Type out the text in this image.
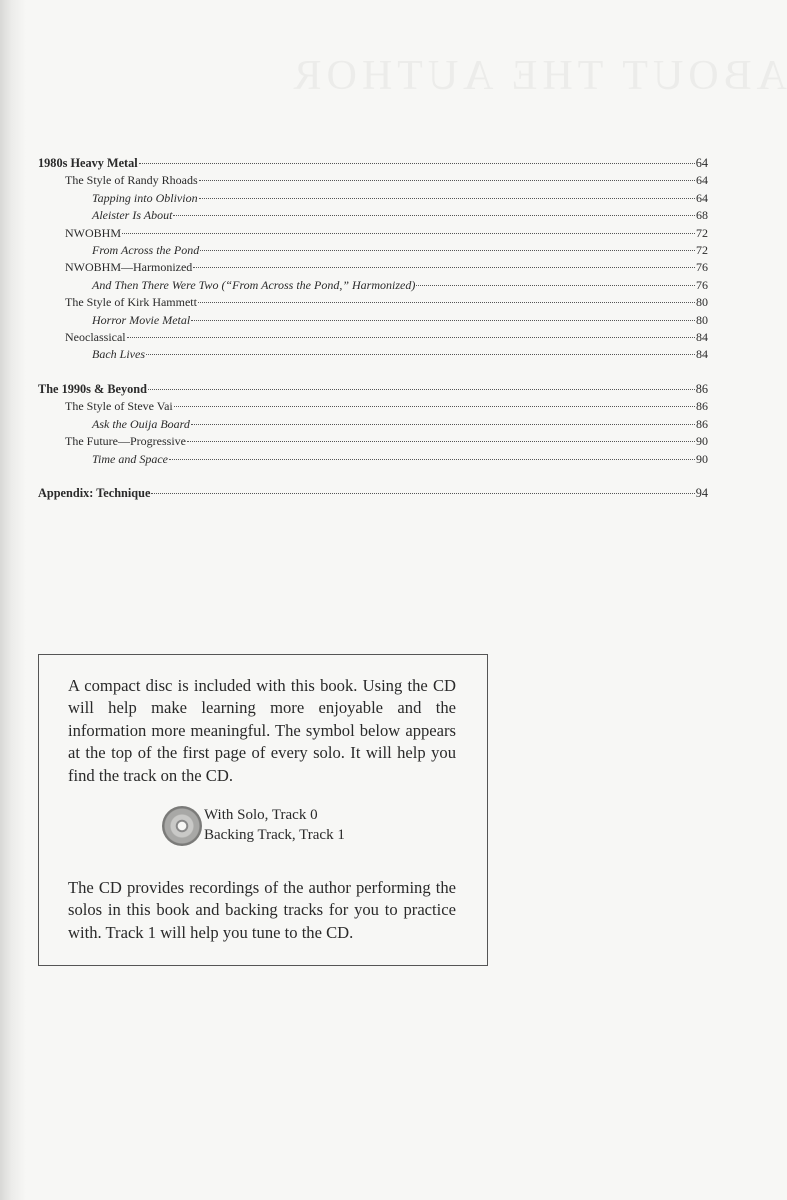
ABOUT THE AUTHOR
1980s Heavy Metal	64
The Style of Randy Rhoads	64
Tapping into Oblivion	64
Aleister Is About	68
NWOBHM	72
From Across the Pond	72
NWOBHM—Harmonized	76
And Then There Were Two (“From Across the Pond,” Harmonized)	76
The Style of Kirk Hammett	80
Horror Movie Metal	80
Neoclassical	84
Bach Lives	84
The 1990s & Beyond	86
The Style of Steve Vai	86
Ask the Ouija Board	86
The Future—Progressive	90
Time and Space	90
Appendix: Technique	94

A compact disc is included with this book. Using the CD will help make learning more enjoyable and the information more meaningful. The symbol below appears at the top of the first page of every solo. It will help you find the track on the CD.

With Solo, Track 0
Backing Track, Track 1

The CD provides recordings of the author performing the solos in this book and backing tracks for you to practice with. Track 1 will help you tune to the CD.
